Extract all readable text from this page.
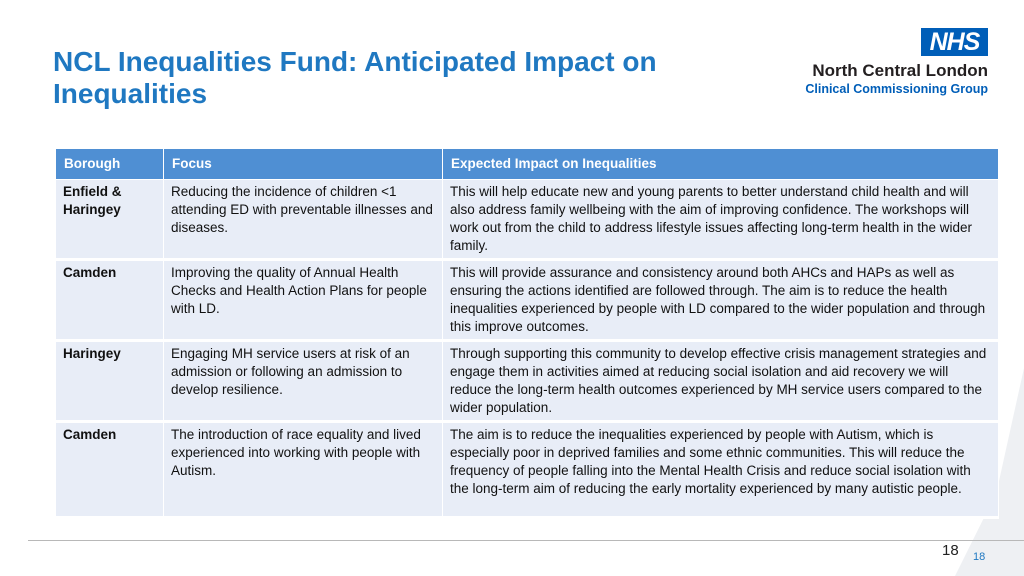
NCL Inequalities Fund: Anticipated Impact on Inequalities
NHS
North Central London
Clinical Commissioning Group
Borough	Focus	Expected Impact on Inequalities
Enfield & Haringey	Reducing the incidence of children <1 attending ED with preventable illnesses and diseases.	This will help educate new and young parents to better understand child health and will also address family wellbeing with the aim of improving confidence. The workshops will work out from the child to address lifestyle issues affecting long-term health in the wider family.
Camden	Improving the quality of Annual Health Checks and Health Action Plans for people with LD.	This will provide assurance and consistency around both AHCs and HAPs as well as ensuring the actions identified are followed through. The aim is to reduce the health inequalities experienced by people with LD compared to the wider population and through this improve outcomes.
Haringey	Engaging MH service users at risk of an admission or following an admission to develop resilience.	Through supporting this community to develop effective crisis management strategies and engage them in activities aimed at reducing social isolation and aid recovery we will reduce the long-term health outcomes experienced by MH service users compared to the wider population.
Camden	The introduction of race equality and lived experienced into working with people with Autism.	The aim is to reduce the inequalities experienced by people with Autism, which is especially poor in deprived families and some ethnic communities. This will reduce the frequency of people falling into the Mental Health Crisis and reduce social isolation with the long-term aim of reducing the early mortality experienced by many autistic people.
18 18
